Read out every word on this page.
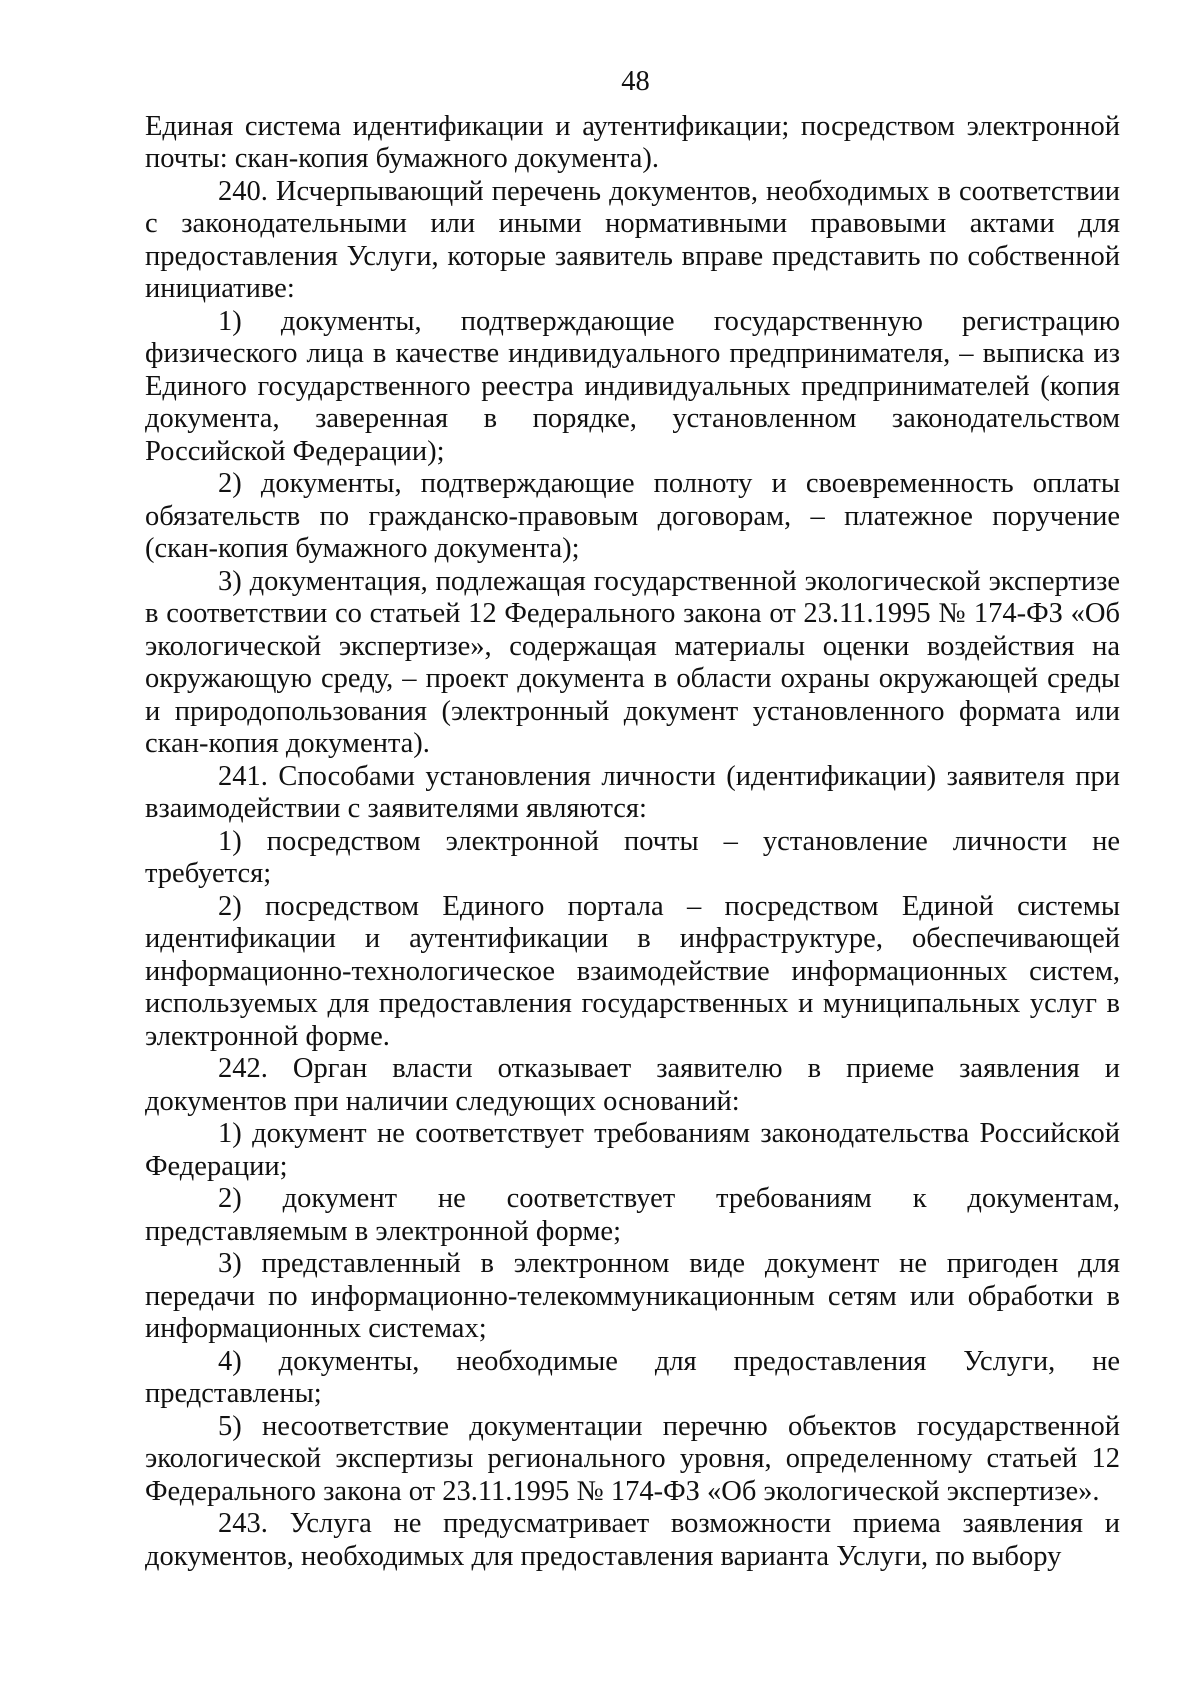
48

Единая система идентификации и аутентификации; посредством электронной почты: скан-копия бумажного документа).

240. Исчерпывающий перечень документов, необходимых в соответствии с законодательными или иными нормативными правовыми актами для предоставления Услуги, которые заявитель вправе представить по собственной инициативе:

1) документы, подтверждающие государственную регистрацию физического лица в качестве индивидуального предпринимателя, – выписка из Единого государственного реестра индивидуальных предпринимателей (копия документа, заверенная в порядке, установленном законодательством Российской Федерации);

2) документы, подтверждающие полноту и своевременность оплаты обязательств по гражданско-правовым договорам, – платежное поручение (скан-копия бумажного документа);

3) документация, подлежащая государственной экологической экспертизе в соответствии со статьей 12 Федерального закона от 23.11.1995 № 174-ФЗ «Об экологической экспертизе», содержащая материалы оценки воздействия на окружающую среду, – проект документа в области охраны окружающей среды и природопользования (электронный документ установленного формата или скан-копия документа).

241. Способами установления личности (идентификации) заявителя при взаимодействии с заявителями являются:

1) посредством электронной почты – установление личности не требуется;

2) посредством Единого портала – посредством Единой системы идентификации и аутентификации в инфраструктуре, обеспечивающей информационно-технологическое взаимодействие информационных систем, используемых для предоставления государственных и муниципальных услуг в электронной форме.

242. Орган власти отказывает заявителю в приеме заявления и документов при наличии следующих оснований:

1) документ не соответствует требованиям законодательства Российской Федерации;

2) документ не соответствует требованиям к документам, представляемым в электронной форме;

3) представленный в электронном виде документ не пригоден для передачи по информационно-телекоммуникационным сетям или обработки в информационных системах;

4) документы, необходимые для предоставления Услуги, не представлены;

5) несоответствие документации перечню объектов государственной экологической экспертизы регионального уровня, определенному статьей 12 Федерального закона от 23.11.1995 № 174-ФЗ «Об экологической экспертизе».

243. Услуга не предусматривает возможности приема заявления и документов, необходимых для предоставления варианта Услуги, по выбору
